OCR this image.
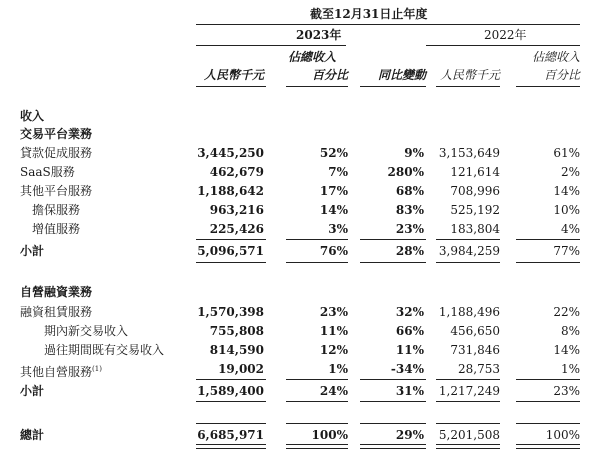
截至12月31日止年度
2023年	2022年
佔總收入	佔總收入
人民幣千元	百分比 同比變動 人民幣千元	百分比
收入
交易平台業務
貸款促成服務	3,445,250	52%	9% 3,153,649	61%
SaaS服務	462,679	7%	280% 121,614	2%
其他平台服務	1,188,642	17%	68% 708,996	14%
擔保服務	963,216	14%	83% 525,192	10%
增值服務	225,426	3%	23% 183,804	4%
小計	5,096,571	76%	28% 3,984,259	77%
自營融資業務
融資租賃服務	1,570,398	23%	32% 1,188,496	22%
期內新交易收入	755,808	11%	66% 456,650	8%
過往期間既有交易收入	814,590	12%	11% 731,846	14%
其他自營服務$^{(1)}$	19,002	1%	-34%	28,753	1%
小計	1,589,400	24%	31% 1,217,249	23%
總計	6,685,971	100%	29% 5,201,508	100%
